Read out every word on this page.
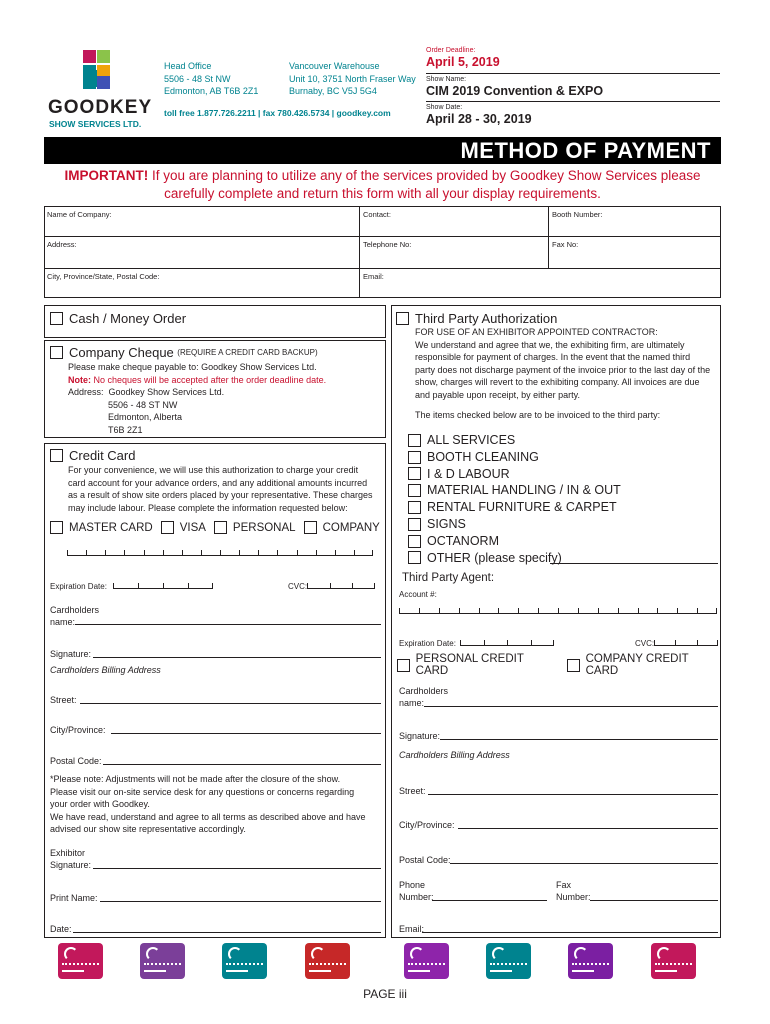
GOODKEY
SHOW SERVICES LTD.
Head Office
5506 - 48 St NW
Edmonton, AB T6B 2Z1
Vancouver Warehouse
Unit 10, 3751 North Fraser Way
Burnaby, BC V5J 5G4
toll free 1.877.726.2211 | fax 780.426.5734 | goodkey.com
Order Deadline:
April 5, 2019
Show Name:
CIM 2019 Convention & EXPO
Show Date:
April 28 - 30, 2019
METHOD OF PAYMENT
IMPORTANT! If you are planning to utilize any of the services provided by Goodkey Show Services please
carefully complete and return this form with all your display requirements.
Name of Company:	Contact:	Booth Number:
Address:	Telephone No:	Fax No:
City, Province/State, Postal Code:	Email:
Cash / Money Order
Company Cheque
(REQUIRE A CREDIT CARD BACKUP)
Please make cheque payable to: Goodkey Show Services Ltd.
Note: No cheques will be accepted after the order deadline date.
Address: Goodkey Show Services Ltd.
5506 - 48 ST NW
Edmonton, Alberta
T6B 2Z1
Credit Card
For your convenience, we will use this authorization to charge your credit
card account for your advance orders, and any additional amounts incurred
as a result of show site orders placed by your representative. These charges
may include labour. Please complete the information requested below:
MASTER CARD VISA PERSONAL COMPANY
Expiration Date:	CVC:
Cardholders
name:
Signature:
Cardholders Billing Address
Street:
City/Province:
Postal Code:
*Please note: Adjustments will not be made after the closure of the show.
Please visit our on-site service desk for any questions or concerns regarding
your order with Goodkey.
We have read, understand and agree to all terms as described above and have
advised our show site representative accordingly.
Exhibitor
Signature:
Print Name:
Date:
Third Party Authorization
FOR USE OF AN EXHIBITOR APPOINTED CONTRACTOR:
We understand and agree that we, the exhibiting firm, are ultimately
responsible for payment of charges. In the event that the named third
party does not discharge payment of the invoice prior to the last day of the
show, charges will revert to the exhibiting company. All invoices are due
and payable upon receipt, by either party.
The items checked below are to be invoiced to the third party:
ALL SERVICES
BOOTH CLEANING
I & D LABOUR
MATERIAL HANDLING / IN & OUT
RENTAL FURNITURE & CARPET
SIGNS
OCTANORM
OTHER (please specify)
Third Party Agent:
Account #:
Expiration Date:	CVC:
PERSONAL CREDIT CARD
COMPANY CREDIT CARD
Cardholders
name:
Signature:
Cardholders Billing Address
Street:
City/Province:
Postal Code:
Phone
Number:
Fax
Number:
Email:
PAGE iii
